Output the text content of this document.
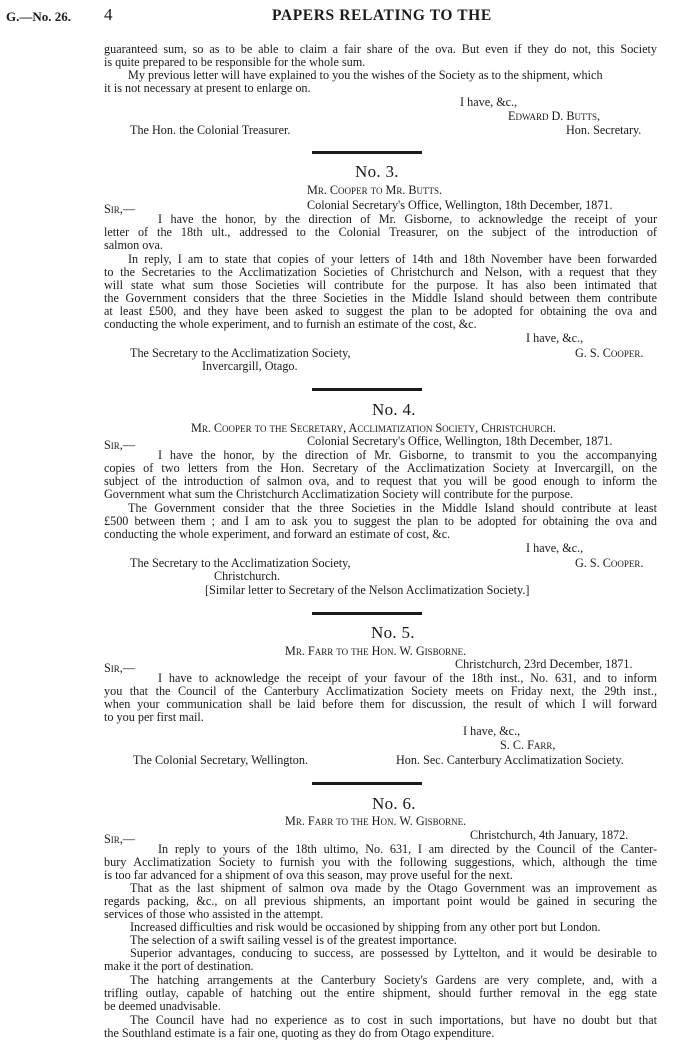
G.—No. 26. 4	PAPERS RELATING TO THE
guaranteed sum, so as to be able to claim a fair share of the ova. But even if they do not, this Society
is quite prepared to be responsible for the whole sum.
My previous letter will have explained to you the wishes of the Society as to the shipment, which
it is not necessary at present to enlarge on.
I have, &c.,
Edward D. Butts,
The Hon. the Colonial Treasurer.	Hon. Secretary.
No. 3.
Mr. Cooper to Mr. Butts.
Sir,—	Colonial Secretary's Office, Wellington, 18th December, 1871.
I have the honor, by the direction of Mr. Gisborne, to acknowledge the receipt of your
letter of the 18th ult., addressed to the Colonial Treasurer, on the subject of the introduction of
salmon ova.
In reply, I am to state that copies of your letters of 14th and 18th November have been forwarded
to the Secretaries to the Acclimatization Societies of Christchurch and Nelson, with a request that they
will state what sum those Societies will contribute for the purpose. It has also been intimated that
the Government considers that the three Societies in the Middle Island should between them contribute
at least £500, and they have been asked to suggest the plan to be adopted for obtaining the ova and
conducting the whole experiment, and to furnish an estimate of the cost, &c.
I have, &c.,
The Secretary to the Acclimatization Society,	G. S. Cooper.
Invercargill, Otago.
No. 4.
Mr. Cooper to the Secretary, Acclimatization Society, Christchurch.
Sir,—	Colonial Secretary's Office, Wellington, 18th December, 1871.
I have the honor, by the direction of Mr. Gisborne, to transmit to you the accompanying
copies of two letters from the Hon. Secretary of the Acclimatization Society at Invercargill, on the
subject of the introduction of salmon ova, and to request that you will be good enough to inform the
Government what sum the Christchurch Acclimatization Society will contribute for the purpose.
The Government consider that the three Societies in the Middle Island should contribute at least
£500 between them ; and I am to ask you to suggest the plan to be adopted for obtaining the ova and
conducting the whole experiment, and forward an estimate of cost, &c.
I have, &c.,
The Secretary to the Acclimatization Society,	G. S. Cooper.
Christchurch.
[Similar letter to Secretary of the Nelson Acclimatization Society.]
No. 5.
Mr. Farr to the Hon. W. Gisborne.
Sir,—	Christchurch, 23rd December, 1871.
I have to acknowledge the receipt of your favour of the 18th inst., No. 631, and to inform
you that the Council of the Canterbury Acclimatization Society meets on Friday next, the 29th inst.,
when your communication shall be laid before them for discussion, the result of which I will forward
to you per first mail.
I have, &c.,
S. C. Farr,
The Colonial Secretary, Wellington.	Hon. Sec. Canterbury Acclimatization Society.
No. 6.
Mr. Farr to the Hon. W. Gisborne.
Sir,—	Christchurch, 4th January, 1872.
In reply to yours of the 18th ultimo, No. 631, I am directed by the Council of the Canter-
bury Acclimatization Society to furnish you with the following suggestions, which, although the time
is too far advanced for a shipment of ova this season, may prove useful for the next.
That as the last shipment of salmon ova made by the Otago Government was an improvement as
regards packing, &c., on all previous shipments, an important point would be gained in securing the
services of those who assisted in the attempt.
Increased difficulties and risk would be occasioned by shipping from any other port but London.
The selection of a swift sailing vessel is of the greatest importance.
Superior advantages, conducing to success, are possessed by Lyttelton, and it would be desirable to
make it the port of destination.
The hatching arrangements at the Canterbury Society's Gardens are very complete, and, with a
trifling outlay, capable of hatching out the entire shipment, should further removal in the egg state
be deemed unadvisable.
The Council have had no experience as to cost in such importations, but have no doubt but that
the Southland estimate is a fair one, quoting as they do from Otago expenditure.
